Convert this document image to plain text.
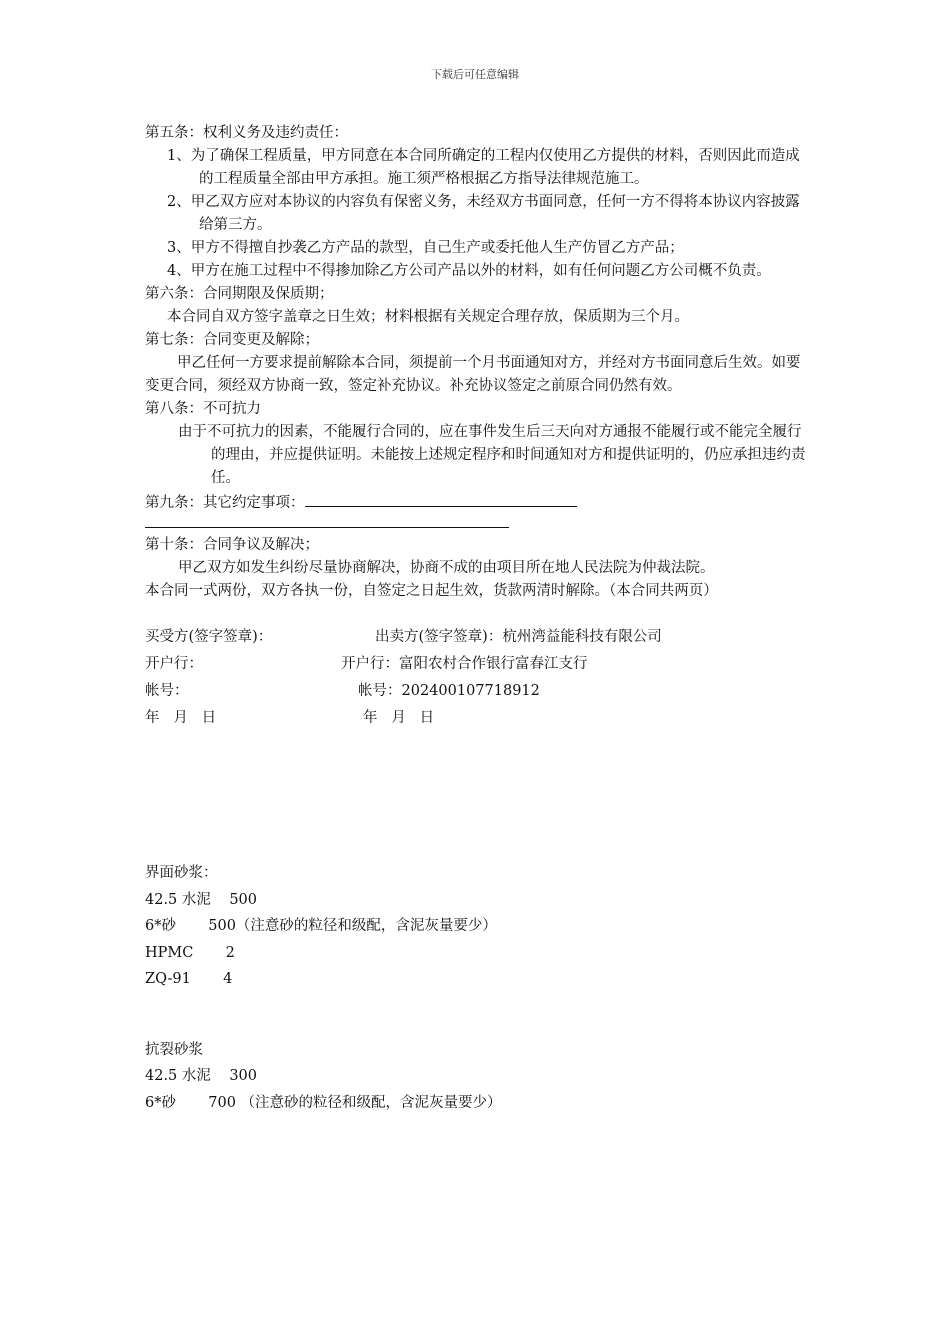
下载后可任意编辑

第五条：权利义务及违约责任：

1、为了确保工程质量，甲方同意在本合同所确定的工程内仅使用乙方提供的材料，否则因此而造成的工程质量全部由甲方承担。施工须严格根据乙方指导法律规范施工。

2、甲乙双方应对本协议的内容负有保密义务，未经双方书面同意，任何一方不得将本协议内容披露给第三方。

3、甲方不得擅自抄袭乙方产品的款型，自己生产或委托他人生产仿冒乙方产品；

4、甲方在施工过程中不得掺加除乙方公司产品以外的材料，如有任何问题乙方公司概不负责。

第六条：合同期限及保质期；

本合同自双方签字盖章之日生效；材料根据有关规定合理存放，保质期为三个月。

第七条：合同变更及解除；

甲乙任何一方要求提前解除本合同，须提前一个月书面通知对方，并经对方书面同意后生效。如要变更合同，须经双方协商一致，签定补充协议。补充协议签定之前原合同仍然有效。

第八条：不可抗力

由于不可抗力的因素，不能履行合同的，应在事件发生后三天向对方通报不能履行或不能完全履行的理由，并应提供证明。未能按上述规定程序和时间通知对方和提供证明的，仍应承担违约责任。

第九条：其它约定事项：

第十条：合同争议及解决；

甲乙双方如发生纠纷尽量协商解决，协商不成的由项目所在地人民法院为仲裁法院。

本合同一式两份，双方各执一份，自签定之日起生效，货款两清时解除。（本合同共两页）

买受方(签字签章)：	出卖方(签字签章)：杭州湾益能科技有限公司
开户行：	开户行：富阳农村合作银行富春江支行
帐号：	帐号：202400107718912
年   月   日	年   月   日

界面砂浆：

42.5 水泥    500

6*砂       500（注意砂的粒径和级配，含泥灰量要少）

HPMC       2

ZQ-91       4

抗裂砂浆

42.5 水泥    300

6*砂       700 （注意砂的粒径和级配，含泥灰量要少）
